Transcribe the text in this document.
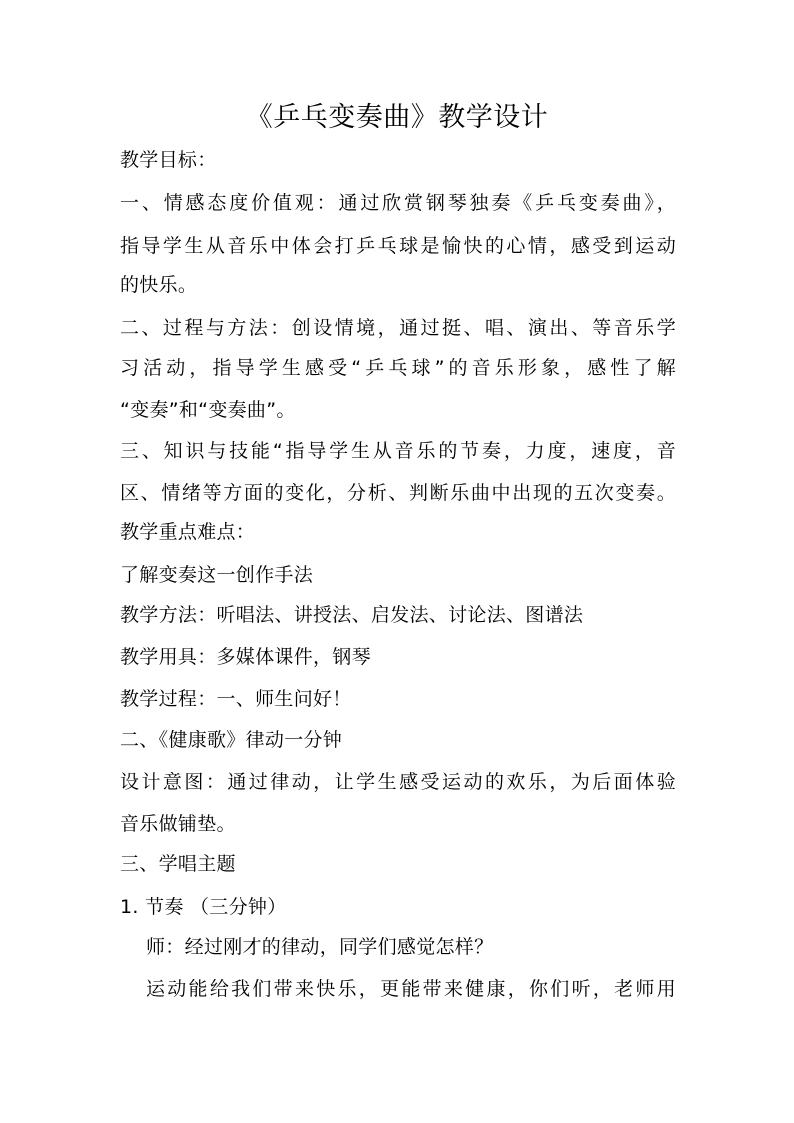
《乒乓变奏曲》教学设计
教学目标：
一、情感态度价值观：通过欣赏钢琴独奏《乒乓变奏曲》，
指导学生从音乐中体会打乒乓球是愉快的心情，感受到运动
的快乐。
二、过程与方法：创设情境，通过挺、唱、演出、等音乐学
习活动，指导学生感受“乒乓球”的音乐形象，感性了解
“变奏”和“变奏曲”。
三、知识与技能“指导学生从音乐的节奏，力度，速度，音
区、情绪等方面的变化，分析、判断乐曲中出现的五次变奏。
教学重点难点：
了解变奏这一创作手法
教学方法：听唱法、讲授法、启发法、讨论法、图谱法
教学用具：多媒体课件，钢琴
教学过程：一、师生问好！
二、《健康歌》律动一分钟
设计意图：通过律动，让学生感受运动的欢乐，为后面体验
音乐做铺垫。
三、学唱主题
1. 节奏 （三分钟）
师：经过刚才的律动，同学们感觉怎样？
运动能给我们带来快乐，更能带来健康，你们听，老师用
